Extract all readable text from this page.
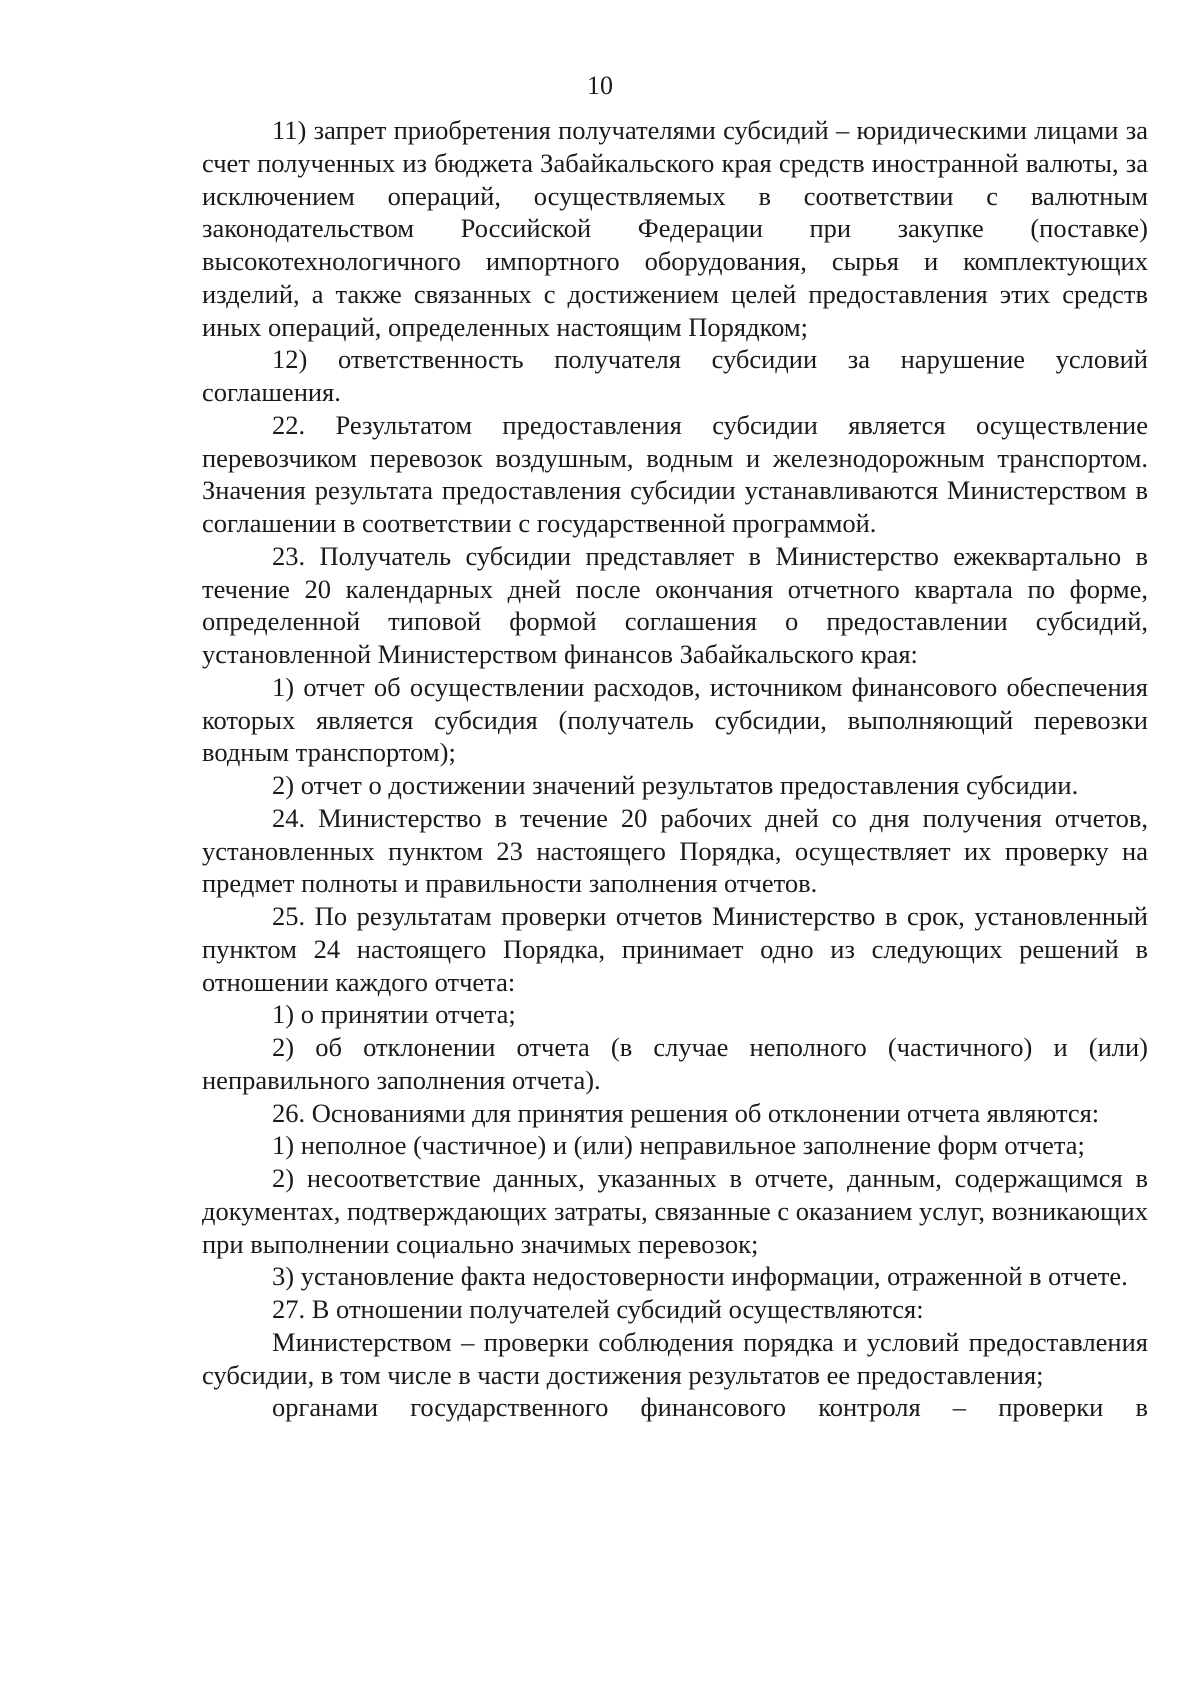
10

11) запрет приобретения получателями субсидий – юридическими лицами за счет полученных из бюджета Забайкальского края средств иностранной валюты, за исключением операций, осуществляемых в соответствии с валютным законодательством Российской Федерации при закупке (поставке) высокотехнологичного импортного оборудования, сырья и комплектующих изделий, а также связанных с достижением целей предоставления этих средств иных операций, определенных настоящим Порядком;

12) ответственность получателя субсидии за нарушение условий соглашения.

22. Результатом предоставления субсидии является осуществление перевозчиком перевозок воздушным, водным и железнодорожным транспортом. Значения результата предоставления субсидии устанавливаются Министерством в соглашении в соответствии с государственной программой.

23. Получатель субсидии представляет в Министерство ежеквартально в течение 20 календарных дней после окончания отчетного квартала по форме, определенной типовой формой соглашения о предоставлении субсидий, установленной Министерством финансов Забайкальского края:

1) отчет об осуществлении расходов, источником финансового обеспечения которых является субсидия (получатель субсидии, выполняющий перевозки водным транспортом);

2) отчет о достижении значений результатов предоставления субсидии.

24. Министерство в течение 20 рабочих дней со дня получения отчетов, установленных пунктом 23 настоящего Порядка, осуществляет их проверку на предмет полноты и правильности заполнения отчетов.

25. По результатам проверки отчетов Министерство в срок, установленный пунктом 24 настоящего Порядка, принимает одно из следующих решений в отношении каждого отчета:

1) о принятии отчета;

2) об отклонении отчета (в случае неполного (частичного) и (или) неправильного заполнения отчета).

26. Основаниями для принятия решения об отклонении отчета являются:

1) неполное (частичное) и (или) неправильное заполнение форм отчета;

2) несоответствие данных, указанных в отчете, данным, содержащимся в документах, подтверждающих затраты, связанные с оказанием услуг, возникающих при выполнении социально значимых перевозок;

3) установление факта недостоверности информации, отраженной в отчете.

27. В отношении получателей субсидий осуществляются:

Министерством – проверки соблюдения порядка и условий предоставления субсидии, в том числе в части достижения результатов ее предоставления;

органами государственного финансового контроля – проверки в
